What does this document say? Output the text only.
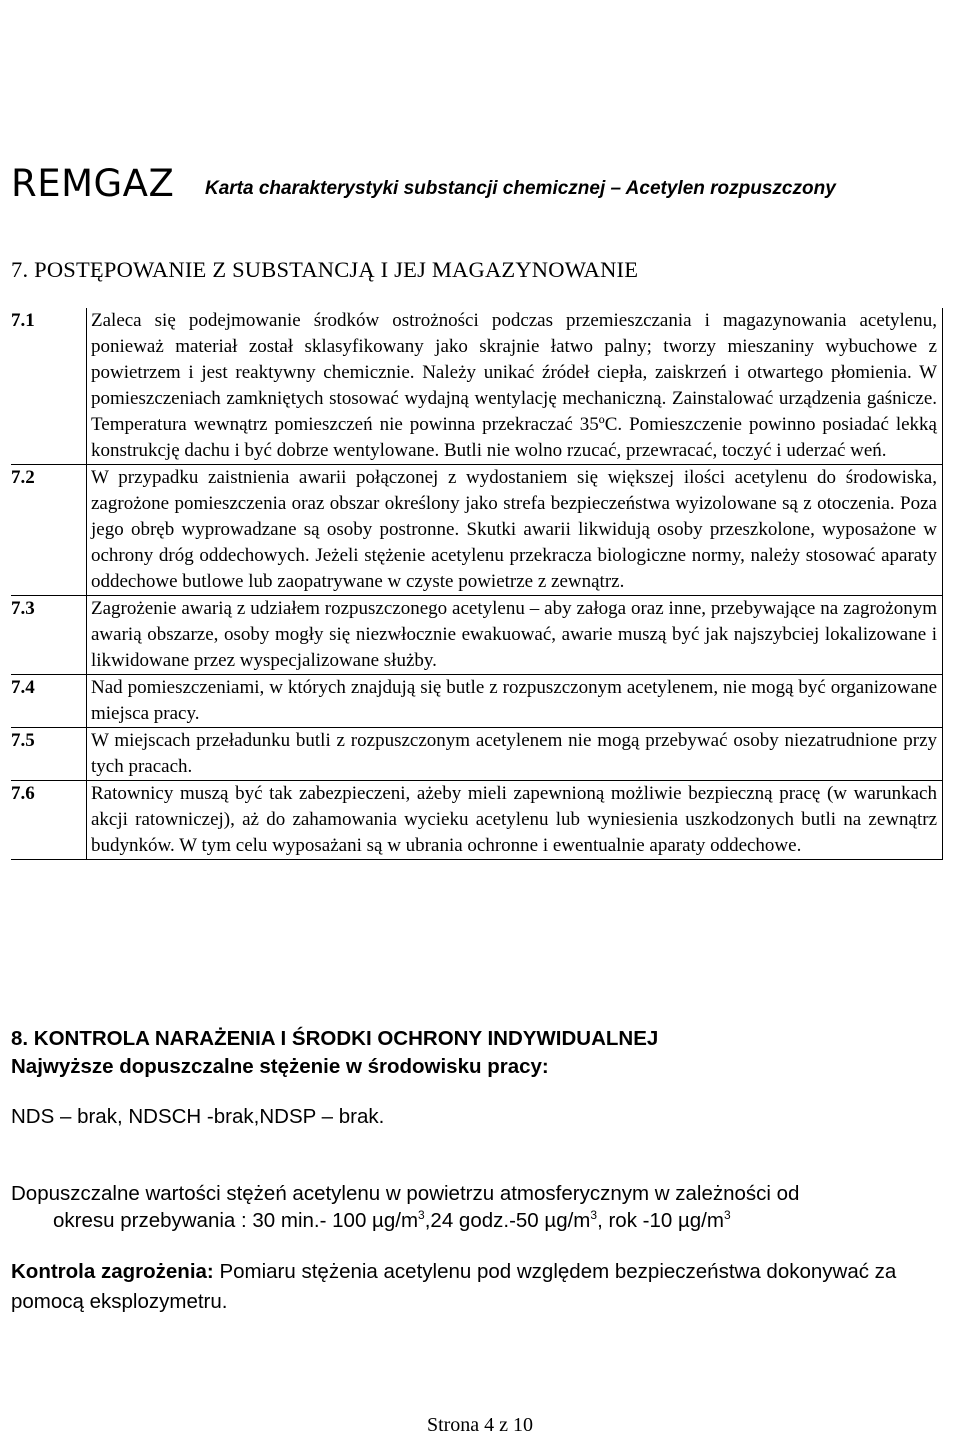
REMGAZ Karta charakterystyki substancji chemicznej – Acetylen rozpuszczony
7. POSTĘPOWANIE Z SUBSTANCJĄ I JEJ MAGAZYNOWANIE
7.1	Zaleca się podejmowanie środków ostrożności podczas przemieszczania i magazynowania acetylenu, ponieważ materiał został sklasyfikowany jako skrajnie łatwo palny; tworzy mieszaniny wybuchowe z powietrzem i jest reaktywny chemicznie. Należy unikać źródeł ciepła, zaiskrzeń i otwartego płomienia. W pomieszczeniach zamkniętych stosować wydajną wentylację mechaniczną. Zainstalować urządzenia gaśnicze. Temperatura wewnątrz pomieszczeń nie powinna przekraczać 35ºC. Pomieszczenie powinno posiadać lekką konstrukcję dachu i być dobrze wentylowane. Butli nie wolno rzucać, przewracać, toczyć i uderzać weń.
7.2	W przypadku zaistnienia awarii połączonej z wydostaniem się większej ilości acetylenu do środowiska, zagrożone pomieszczenia oraz obszar określony jako strefa bezpieczeństwa wyizolowane są z otoczenia. Poza jego obręb wyprowadzane są osoby postronne. Skutki awarii likwidują osoby przeszkolone, wyposażone w ochrony dróg oddechowych. Jeżeli stężenie acetylenu przekracza biologiczne normy, należy stosować aparaty oddechowe butlowe lub zaopatrywane w czyste powietrze z zewnątrz.
7.3	Zagrożenie awarią z udziałem rozpuszczonego acetylenu – aby załoga oraz inne, przebywające na zagrożonym awarią obszarze, osoby mogły się niezwłocznie ewakuować, awarie muszą być jak najszybciej lokalizowane i likwidowane przez wyspecjalizowane służby.
7.4	Nad pomieszczeniami, w których znajdują się butle z rozpuszczonym acetylenem, nie mogą być organizowane miejsca pracy.
7.5	W miejscach przeładunku butli z rozpuszczonym acetylenem nie mogą przebywać osoby niezatrudnione przy tych pracach.
7.6	Ratownicy muszą być tak zabezpieczeni, ażeby mieli zapewnioną możliwie bezpieczną pracę (w warunkach akcji ratowniczej), aż do zahamowania wycieku acetylenu lub wyniesienia uszkodzonych butli na zewnątrz budynków. W tym celu wyposażani są w ubrania ochronne i ewentualnie aparaty oddechowe.
8. KONTROLA NARAŻENIA I ŚRODKI OCHRONY INDYWIDUALNEJ
Najwyższe dopuszczalne stężenie w środowisku pracy:
NDS – brak, NDSCH -brak,NDSP – brak.
Dopuszczalne wartości stężeń acetylenu w powietrzu atmosferycznym w zależności od
okresu przebywania : 30 min.- 100 $\mu g/m^3,24$ godz.-50 $\mu g/m^3$, rok -10 $\mu g/m^3$
Kontrola zagrożenia: Pomiaru stężenia acetylenu pod względem bezpieczeństwa dokonywać za pomocą eksplozymetru.
Strona 4 z 10
